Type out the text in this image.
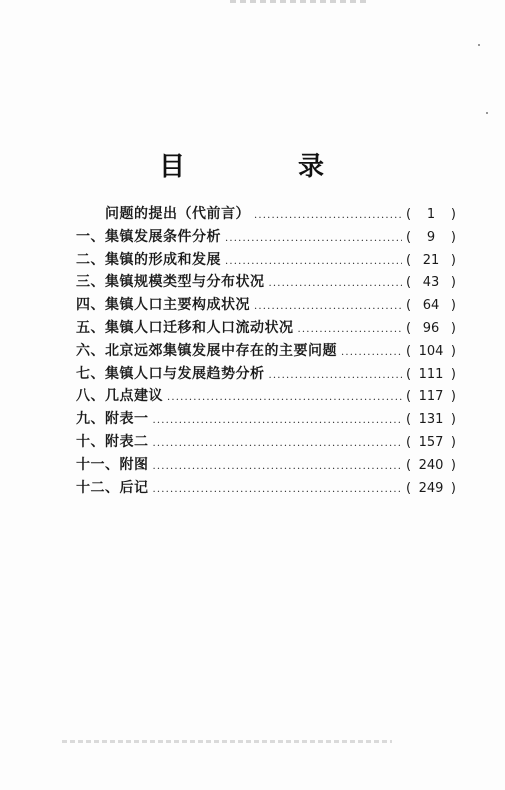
目 录
问题的提出（代前言） .....	(	1	)
一、集镇发展条件分析 .....	(	9	)
二、集镇的形成和发展 .....	( 21 )
三、集镇规模类型与分布状况 .....	( 43 )
四、集镇人口主要构成状况 .....	( 64 )
五、集镇人口迁移和人口流动状况 .....	( 96 )
六、北京远郊集镇发展中存在的主要问题 .....	( 104 )
七、集镇人口与发展趋势分析 .....	( 111 )
八、几点建议 .....	( 117 )
九、附表一 .....	( 131 )
十、附表二 .....	( 157 )
十一、附图 .....	( 240 )
十二、后记 .....	( 249 )
